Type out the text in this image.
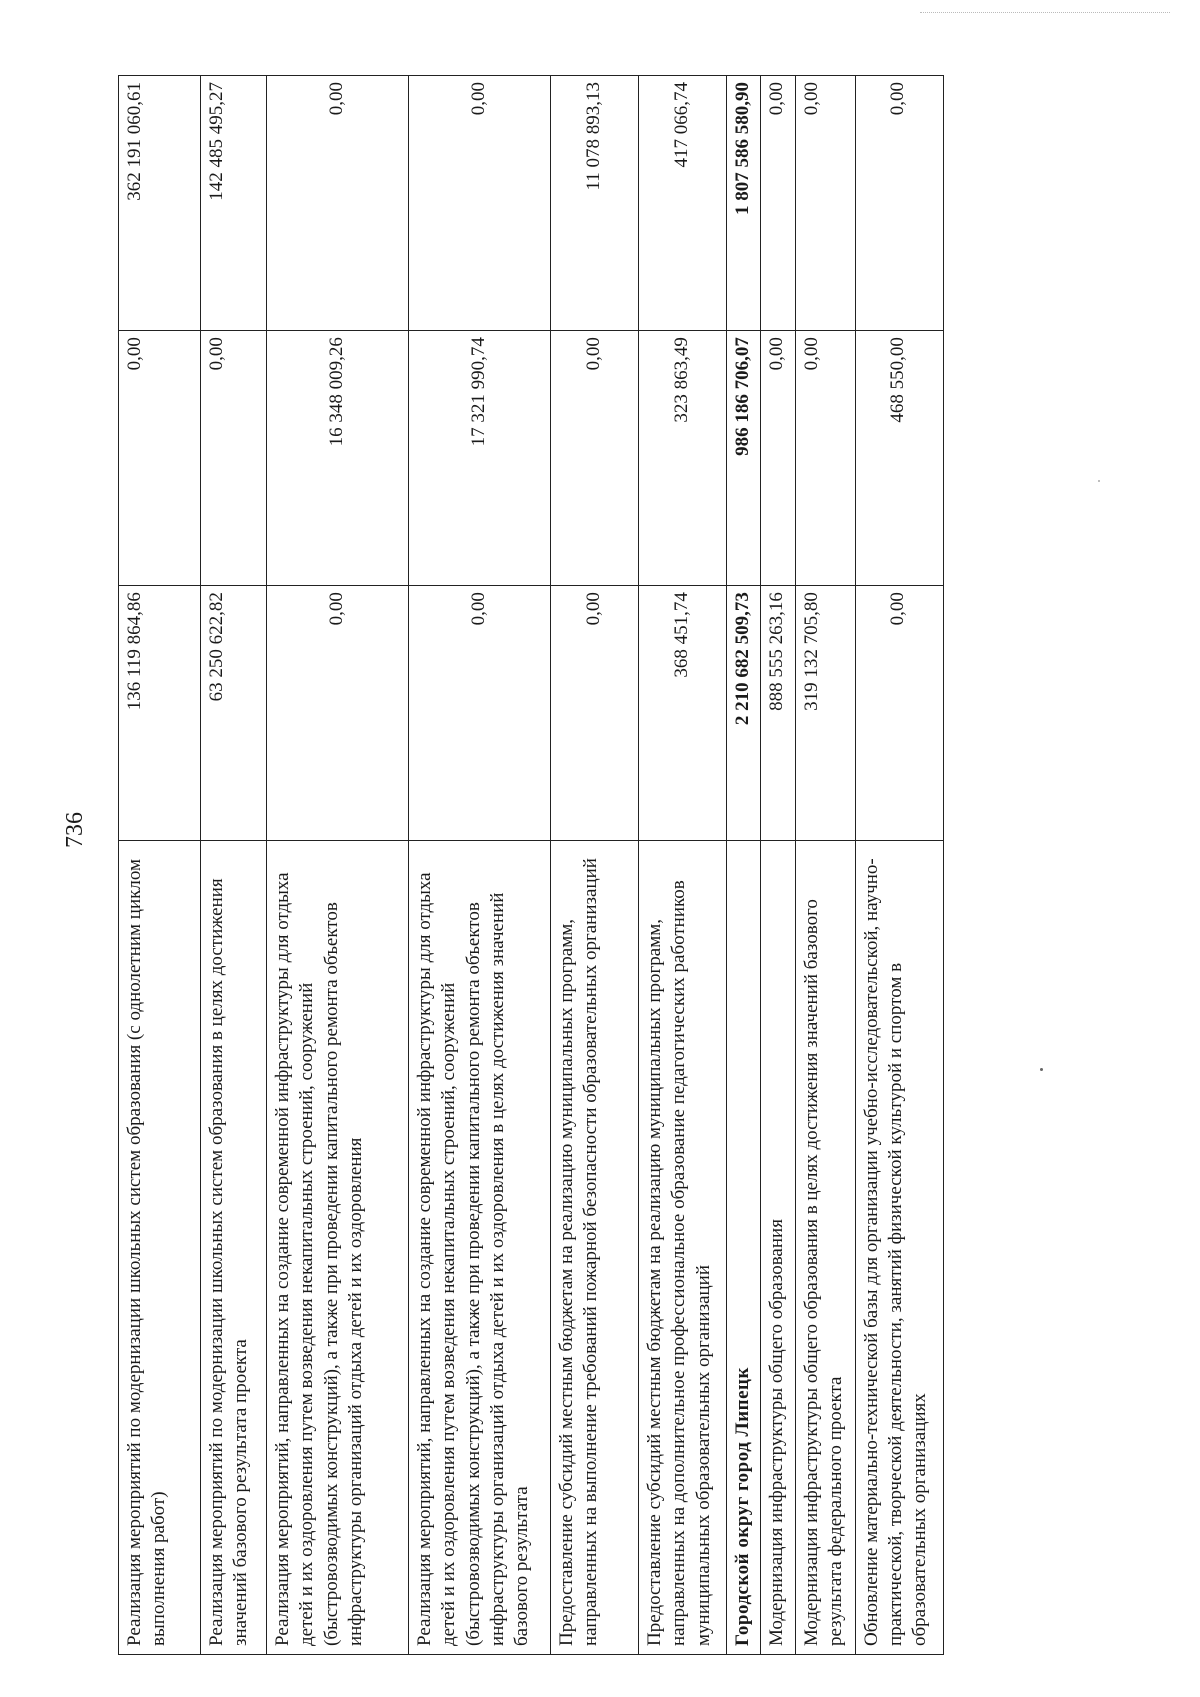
736
Реализация мероприятий по модернизации школьных систем образования (с однолетним циклом выполнения работ)	136 119 864,86	0,00	362 191 060,61
Реализация мероприятий по модернизации школьных систем образования в целях достижения значений базового результата проекта	63 250 622,82	0,00	142 485 495,27
Реализация мероприятий, направленных на создание современной инфраструктуры для отдыха детей и их оздоровления путем возведения некапитальных строений, сооружений (быстровозводимых конструкций), а также при проведении капитального ремонта объектов инфраструктуры организаций отдыха детей и их оздоровления	0,00	16 348 009,26	0,00
Реализация мероприятий, направленных на создание современной инфраструктуры для отдыха детей и их оздоровления путем возведения некапитальных строений, сооружений (быстровозводимых конструкций), а также при проведении капитального ремонта объектов инфраструктуры организаций отдыха детей и их оздоровления в целях достижения значений базового результата	0,00	17 321 990,74	0,00
Предоставление субсидий местным бюджетам на реализацию муниципальных программ, направленных на выполнение требований пожарной безопасности образовательных организаций	0,00	0,00	11 078 893,13
Предоставление субсидий местным бюджетам на реализацию муниципальных программ, направленных на дополнительное профессиональное образование педагогических работников муниципальных образовательных организаций	368 451,74	323 863,49	417 066,74
Городской округ город Липецк	2 210 682 509,73	986 186 706,07	1 807 586 580,90
Модернизация инфраструктуры общего образования	888 555 263,16	0,00	0,00
Модернизация инфраструктуры общего образования в целях достижения значений базового результата федерального проекта	319 132 705,80	0,00	0,00
Обновление материально-технической базы для организации учебно-исследовательской, научно-практической, творческой деятельности, занятий физической культурой и спортом в образовательных организациях	0,00	468 550,00	0,00
